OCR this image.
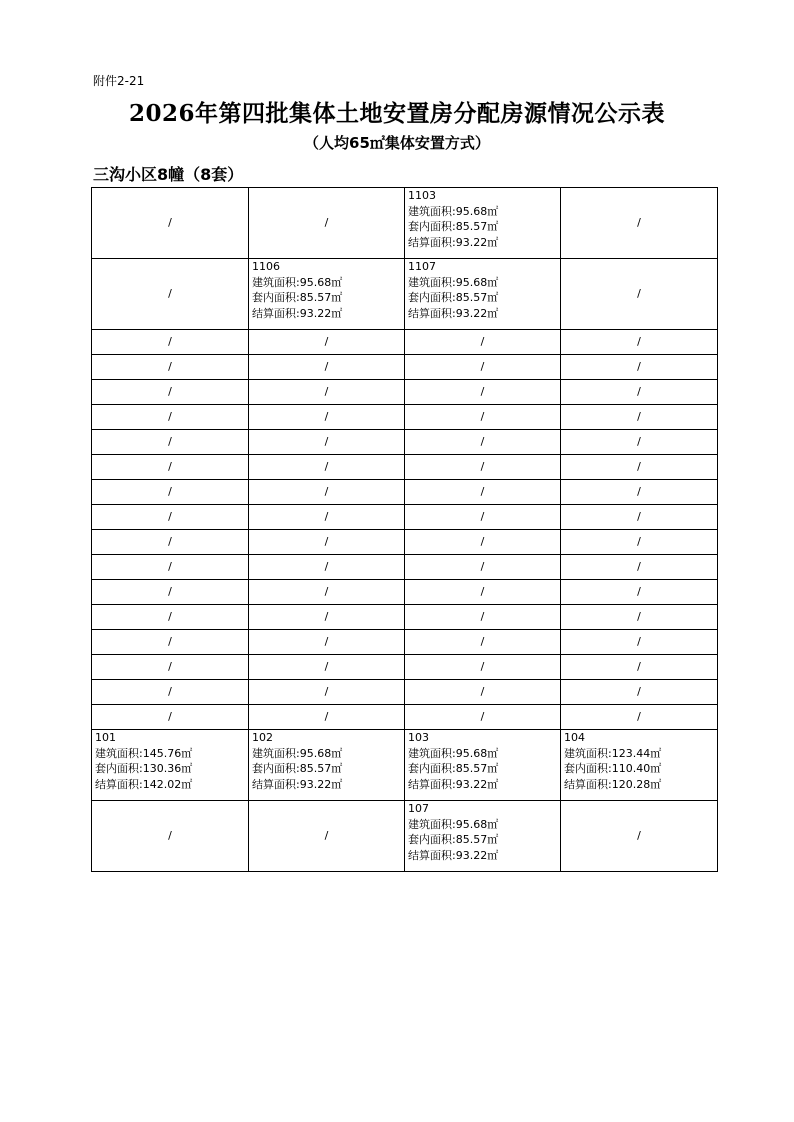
附件2-21
2026年第四批集体土地安置房分配房源情况公示表
（人均65㎡集体安置方式）
三沟小区8幢（8套）
/	/	1103
建筑面积:95.68㎡
套内面积:85.57㎡
结算面积:93.22㎡	/
/	1106
建筑面积:95.68㎡
套内面积:85.57㎡
结算面积:93.22㎡	1107
建筑面积:95.68㎡
套内面积:85.57㎡
结算面积:93.22㎡	/
/	/	/	/
/	/	/	/
/	/	/	/
/	/	/	/
/	/	/	/
/	/	/	/
/	/	/	/
/	/	/	/
/	/	/	/
/	/	/	/
/	/	/	/
/	/	/	/
/	/	/	/
/	/	/	/
/	/	/	/
/	/	/	/

101
建筑面积:145.76㎡
套内面积:130.36㎡
结算面积:142.02㎡	102
建筑面积:95.68㎡
套内面积:85.57㎡
结算面积:93.22㎡	103
建筑面积:95.68㎡
套内面积:85.57㎡
结算面积:93.22㎡	104
建筑面积:123.44㎡
套内面积:110.40㎡
结算面积:120.28㎡

/	/	107
建筑面积:95.68㎡
套内面积:85.57㎡
结算面积:93.22㎡	/
